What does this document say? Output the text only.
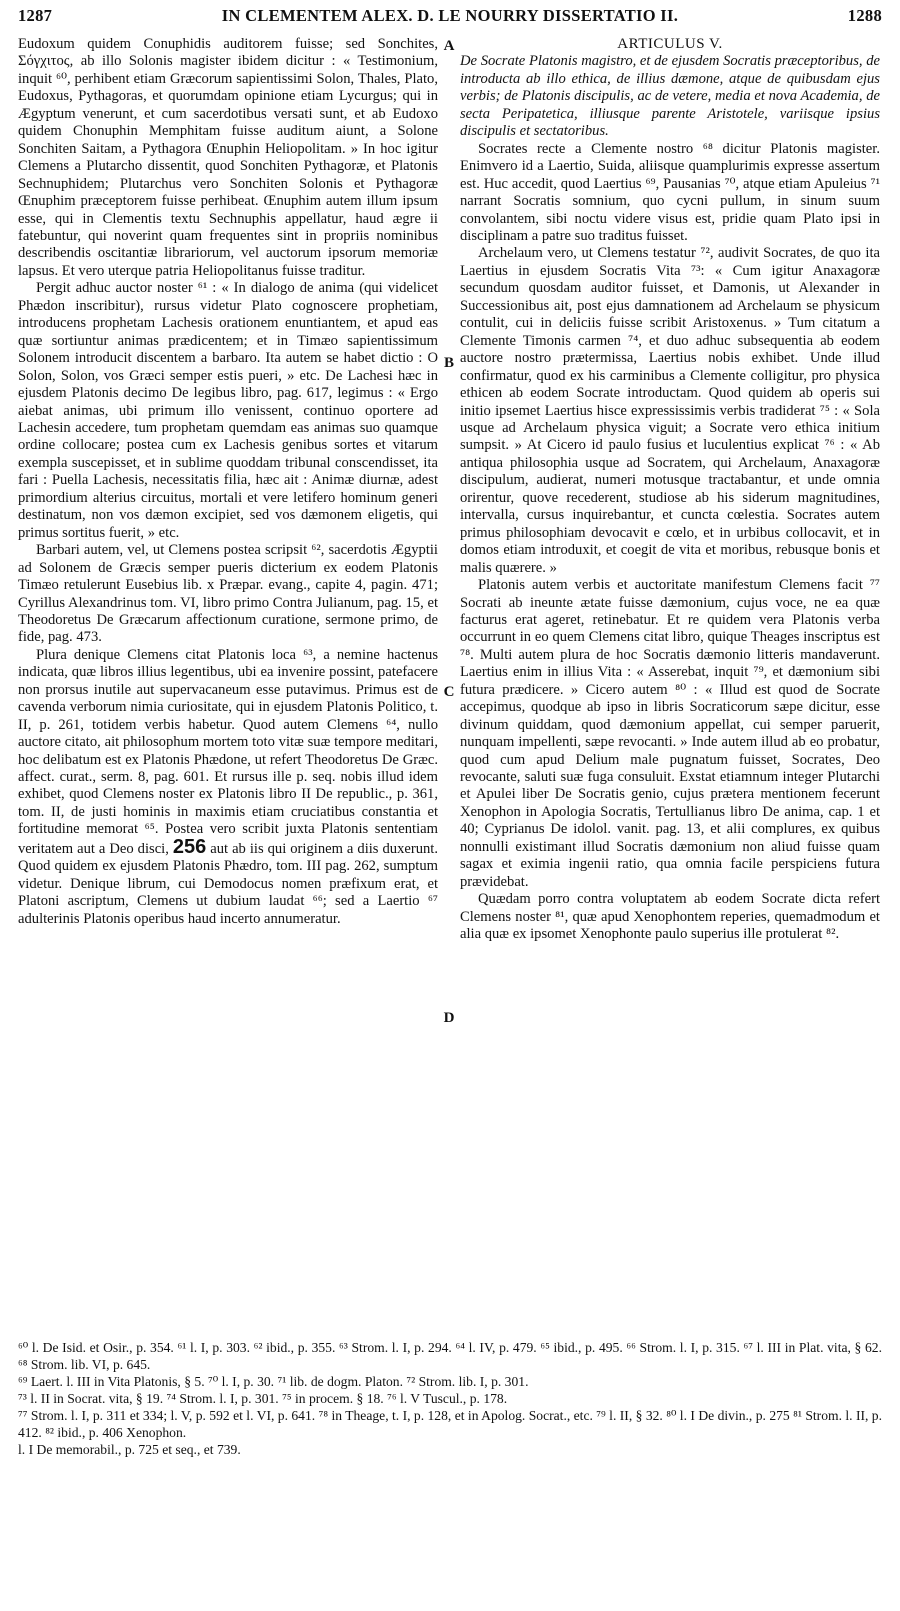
1287	IN CLEMENTEM ALEX. D. LE NOURRY DISSERTATIO II.	1288
A
B
C
D

Eudoxum quidem Conuphidis auditorem fuisse; sed Sonchites, Σόγχιτος, ab illo Solonis magister ibidem dicitur : « Testimonium, inquit ⁶⁰, perhibent etiam Græcorum sapientissimi Solon, Thales, Plato, Eudoxus, Pythagoras, et quorumdam opinione etiam Lycurgus; qui in Ægyptum venerunt, et cum sacerdotibus versati sunt, et ab Eudoxo quidem Chonuphin Memphitam fuisse auditum aiunt, a Solone Sonchiten Saitam, a Pythagora Œnuphin Heliopolitam. » In hoc igitur Clemens a Plutarcho dissentit, quod Sonchiten Pythagoræ, et Platonis Sechnuphidem; Plutarchus vero Sonchiten Solonis et Pythagoræ Œnuphim præceptorem fuisse perhibeat. Œnuphim autem illum ipsum esse, qui in Clementis textu Sechnuphis appellatur, haud ægre ii fatebuntur, qui noverint quam frequentes sint in propriis nominibus describendis oscitantiæ librariorum, vel auctorum ipsorum memoriæ lapsus. Et vero uterque patria Heliopolitanus fuisse traditur.

Pergit adhuc auctor noster ⁶¹ : « In dialogo de anima (qui videlicet Phædon inscribitur), rursus videtur Plato cognoscere prophetiam, introducens prophetam Lachesis orationem enuntiantem, et apud eas quæ sortiuntur animas prædicentem; et in Timæo sapientissimum Solonem introducit discentem a barbaro. Ita autem se habet dictio : O Solon, Solon, vos Græci semper estis pueri, » etc. De Lachesi hæc in ejusdem Platonis decimo De legibus libro, pag. 617, legimus : « Ergo aiebat animas, ubi primum illo venissent, continuo oportere ad Lachesin accedere, tum prophetam quemdam eas animas suo quamque ordine collocare; postea cum ex Lachesis genibus sortes et vitarum exempla suscepisset, et in sublime quoddam tribunal conscendisset, ita fari : Puella Lachesis, necessitatis filia, hæc ait : Animæ diurnæ, adest primordium alterius circuitus, mortali et vere letifero hominum generi destinatum, non vos dæmon excipiet, sed vos dæmonem eligetis, qui primus sortitus fuerit, » etc.

Barbari autem, vel, ut Clemens postea scripsit ⁶², sacerdotis Ægyptii ad Solonem de Græcis semper pueris dicterium ex eodem Platonis Timæo retulerunt Eusebius lib. x Præpar. evang., capite 4, pagin. 471; Cyrillus Alexandrinus tom. VI, libro primo Contra Julianum, pag. 15, et Theodoretus De Græcarum affectionum curatione, sermone primo, de fide, pag. 473.

Plura denique Clemens citat Platonis loca ⁶³, a nemine hactenus indicata, quæ libros illius legentibus, ubi ea invenire possint, patefacere non prorsus inutile aut supervacaneum esse putavimus. Primus est de cavenda verborum nimia curiositate, qui in ejusdem Platonis Politico, t. II, p. 261, totidem verbis habetur. Quod autem Clemens ⁶⁴, nullo auctore citato, ait philosophum mortem toto vitæ suæ tempore meditari, hoc delibatum est ex Platonis Phædone, ut refert Theodoretus De Græc. affect. curat., serm. 8, pag. 601. Et rursus ille p. seq. nobis illud idem exhibet, quod Clemens noster ex Platonis libro II De republic., p. 361, tom. II, de justi hominis in maximis etiam cruciatibus constantia et fortitudine memorat ⁶⁵. Postea vero scribit juxta Platonis sententiam veritatem aut a Deo disci, 256 aut ab iis qui originem a diis duxerunt. Quod quidem ex ejusdem Platonis Phædro, tom. III pag. 262, sumptum videtur. Denique librum, cui Demodocus nomen præfixum erat, et Platoni ascriptum, Clemens ut dubium laudat ⁶⁶; sed a Laertio ⁶⁷ adulterinis Platonis operibus haud incerto annumeratur.

ARTICULUS V.

De Socrate Platonis magistro, et de ejusdem Socratis præceptoribus, de introducta ab illo ethica, de illius dæmone, atque de quibusdam ejus verbis; de Platonis discipulis, ac de vetere, media et nova Academia, de secta Peripatetica, illiusque parente Aristotele, variisque ipsius discipulis et sectatoribus.

Socrates recte a Clemente nostro ⁶⁸ dicitur Platonis magister. Enimvero id a Laertio, Suida, aliisque quamplurimis expresse assertum est. Huc accedit, quod Laertius ⁶⁹, Pausanias ⁷⁰, atque etiam Apuleius ⁷¹ narrant Socratis somnium, quo cycni pullum, in sinum suum convolantem, sibi noctu videre visus est, pridie quam Plato ipsi in disciplinam a patre suo traditus fuisset.

Archelaum vero, ut Clemens testatur ⁷², audivit Socrates, de quo ita Laertius in ejusdem Socratis Vita ⁷³: « Cum igitur Anaxagoræ secundum quosdam auditor fuisset, et Damonis, ut Alexander in Successionibus ait, post ejus damnationem ad Archelaum se physicum contulit, cui in deliciis fuisse scribit Aristoxenus. » Tum citatum a Clemente Timonis carmen ⁷⁴, et duo adhuc subsequentia ab eodem auctore nostro prætermissa, Laertius nobis exhibet. Unde illud confirmatur, quod ex his carminibus a Clemente colligitur, pro physica ethicen ab eodem Socrate introductam. Quod quidem ab operis sui initio ipsemet Laertius hisce expressissimis verbis tradiderat ⁷⁵ : « Sola usque ad Archelaum physica viguit; a Socrate vero ethica initium sumpsit. » At Cicero id paulo fusius et luculentius explicat ⁷⁶ : « Ab antiqua philosophia usque ad Socratem, qui Archelaum, Anaxagoræ discipulum, audierat, numeri motusque tractabantur, et unde omnia orirentur, quove recederent, studiose ab his siderum magnitudines, intervalla, cursus inquirebantur, et cuncta cœlestia. Socrates autem primus philosophiam devocavit e cœlo, et in urbibus collocavit, et in domos etiam introduxit, et coegit de vita et moribus, rebusque bonis et malis quærere. »

Platonis autem verbis et auctoritate manifestum Clemens facit ⁷⁷ Socrati ab ineunte ætate fuisse dæmonium, cujus voce, ne ea quæ facturus erat ageret, retinebatur. Et re quidem vera Platonis verba occurrunt in eo quem Clemens citat libro, quique Theages inscriptus est ⁷⁸. Multi autem plura de hoc Socratis dæmonio litteris mandaverunt. Laertius enim in illius Vita : « Asserebat, inquit ⁷⁹, et dæmonium sibi futura prædicere. » Cicero autem ⁸⁰ : « Illud est quod de Socrate accepimus, quodque ab ipso in libris Socraticorum sæpe dicitur, esse divinum quiddam, quod dæmonium appellat, cui semper paruerit, nunquam impellenti, sæpe revocanti. » Inde autem illud ab eo probatur, quod cum apud Delium male pugnatum fuisset, Socrates, Deo revocante, saluti suæ fuga consuluit. Exstat etiamnum integer Plutarchi et Apulei liber De Socratis genio, cujus prætera mentionem fecerunt Xenophon in Apologia Socratis, Tertullianus libro De anima, cap. 1 et 40; Cyprianus De idolol. vanit. pag. 13, et alii complures, ex quibus nonnulli existimant illud Socratis dæmonium non aliud fuisse quam sagax et eximia ingenii ratio, qua omnia facile perspiciens futura prævidebat.

Quædam porro contra voluptatem ab eodem Socrate dicta refert Clemens noster ⁸¹, quæ apud Xenophontem reperies, quemadmodum et alia quæ ex ipsomet Xenophonte paulo superius ille protulerat ⁸².

⁶⁰ l. De Isid. et Osir., p. 354. ⁶¹ l. I, p. 303. ⁶² ibid., p. 355. ⁶³ Strom. l. I, p. 294. ⁶⁴ l. IV, p. 479. ⁶⁵ ibid., p. 495. ⁶⁶ Strom. l. I, p. 315. ⁶⁷ l. III in Plat. vita, § 62. ⁶⁸ Strom. lib. VI, p. 645.

⁶⁹ Laert. l. III in Vita Platonis, § 5. ⁷⁰ l. I, p. 30. ⁷¹ lib. de dogm. Platon. ⁷² Strom. lib. I, p. 301.

⁷³ l. II in Socrat. vita, § 19. ⁷⁴ Strom. l. I, p. 301. ⁷⁵ in procem. § 18. ⁷⁶ l. V Tuscul., p. 178.

⁷⁷ Strom. l. I, p. 311 et 334; l. V, p. 592 et l. VI, p. 641. ⁷⁸ in Theage, t. I, p. 128, et in Apolog. Socrat., etc. ⁷⁹ l. II, § 32. ⁸⁰ l. I De divin., p. 275 ⁸¹ Strom. l. II, p. 412. ⁸² ibid., p. 406 Xenophon.

l. I De memorabil., p. 725 et seq., et 739.
